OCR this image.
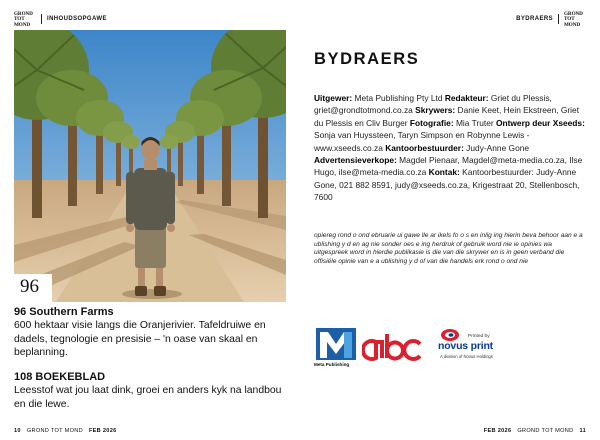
GROND
TOT
MOND
INHOUDSOPGAWE	BYDRAERS
GROND
TOT
MOND
96
96 Southern Farms
600 hektaar visie langs die Oranjerivier. Tafeldruiwe en dadels, tegnologie en presisie – 'n oase van skaal en beplanning.
108 BOEKEBLAD
Leesstof wat jou laat dink, groei en anders kyk na landbou en die lewe.
BYDRAERS
Uitgewer: Meta Publishing Pty Ltd Redakteur: Griet du Plessis, griet@grondtotmond.co.za Skrywers: Danie Keet, Hein Ekstreen, Griet du Plessis en Cliv Burger Fotografie: Mia Truter Ontwerp deur Xseeds: Sonja van Huyssteen, Taryn Simpson en Robynne Lewis - www.xseeds.co.za Kantoorbestuurder: Judy-Anne Gone Advertensieverkope: Magdel Pienaar, Magdel@meta-media.co.za, Ilse Hugo, ilse@meta-media.co.za Kontak: Kantoorbestuurder: Judy-Anne Gone, 021 882 8591, judy@xseeds.co.za, Krigestraat 20, Stellenbosch, 7600
opiereg rond o ond ebruarie ui gawe lle ar ikels fo o s en inlig ing hierin beva behoor aan e a ublishing y d en ag nie sonder oes e ing herdruk of gebruik word nie ie opinies wa uitgespreek word in hierdie publikasie is die van die skrywer en is in geen verband die offisiële opinie van e a ublishing y d of van die handels erk rond o ond nie
Meta Publishing
Printed by
novus print
A division of Novus Holdings
10 GROND TOT MOND FEB 2026	FEB 2026 GROND TOT MOND 11
